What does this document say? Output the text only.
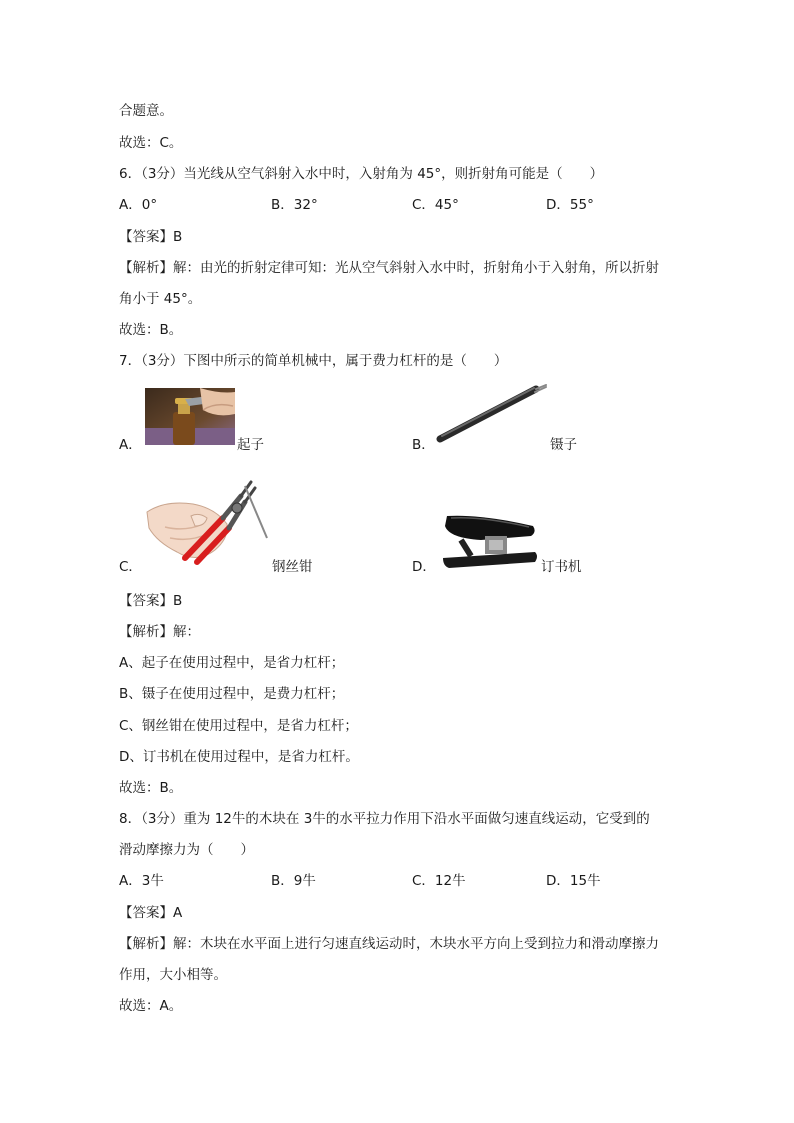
合题意。
故选：C。
6．（3分）当光线从空气斜射入水中时，入射角为 45°，则折射角可能是（　　）
A．0°	B．32°	C．45°	D．55°
【答案】B
【解析】解：由光的折射定律可知：光从空气斜射入水中时，折射角小于入射角，所以折射
角小于 45°。
故选：B。
7．（3分）下图中所示的简单机械中，属于费力杠杆的是（　　）
A．	起子	B．	镊子
C．	钢丝钳	D．	订书机
【答案】B
【解析】解：
A、起子在使用过程中，是省力杠杆；
B、镊子在使用过程中，是费力杠杆；
C、钢丝钳在使用过程中，是省力杠杆；
D、订书机在使用过程中，是省力杠杆。
故选：B。
8．（3分）重为 12牛的木块在 3牛的水平拉力作用下沿水平面做匀速直线运动，它受到的
滑动摩擦力为（　　）
A．3牛	B．9牛	C．12牛	D．15牛
【答案】A
【解析】解：木块在水平面上进行匀速直线运动时，木块水平方向上受到拉力和滑动摩擦力
作用，大小相等。
故选：A。
